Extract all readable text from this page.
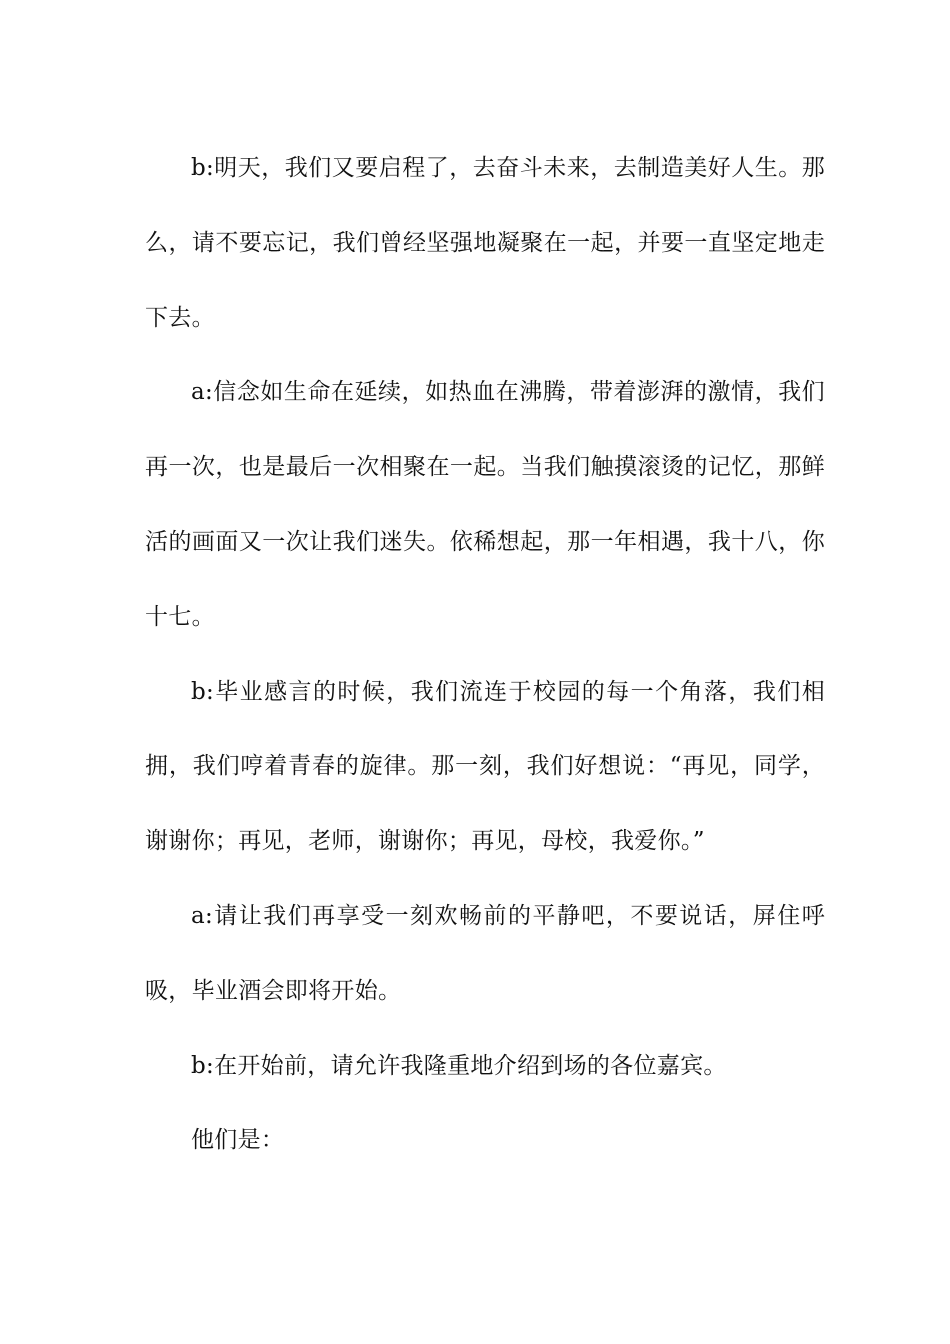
b:明天，我们又要启程了，去奋斗未来，去制造美好人生。那么，请不要忘记，我们曾经坚强地凝聚在一起，并要一直坚定地走下去。

a:信念如生命在延续，如热血在沸腾，带着澎湃的激情，我们再一次，也是最后一次相聚在一起。当我们触摸滚烫的记忆，那鲜活的画面又一次让我们迷失。依稀想起，那一年相遇，我十八，你十七。

b:毕业感言的时候，我们流连于校园的每一个角落，我们相拥，我们哼着青春的旋律。那一刻，我们好想说：“再见，同学，谢谢你；再见，老师，谢谢你；再见，母校，我爱你。”

a:请让我们再享受一刻欢畅前的平静吧，不要说话，屏住呼吸，毕业酒会即将开始。

b:在开始前，请允许我隆重地介绍到场的各位嘉宾。

他们是：
